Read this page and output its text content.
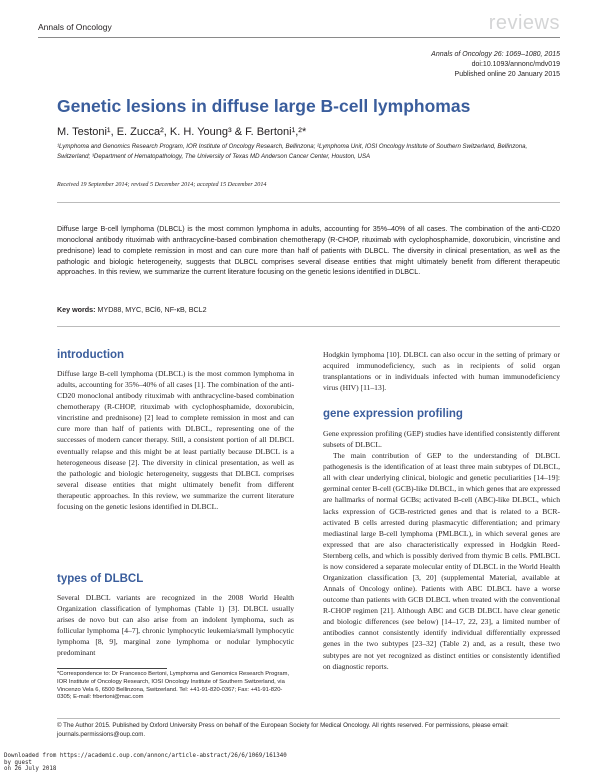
Annals of Oncology	reviews
Annals of Oncology 26: 1069–1080, 2015
doi:10.1093/annonc/mdv019
Published online 20 January 2015
Genetic lesions in diffuse large B-cell lymphomas
M. Testoni¹, E. Zucca², K. H. Young³ & F. Bertoni¹,²*
¹Lymphoma and Genomics Research Program, IOR Institute of Oncology Research, Bellinzona; ²Lymphoma Unit, IOSI Oncology Institute of Southern Switzerland, Bellinzona, Switzerland; ³Department of Hematopathology, The University of Texas MD Anderson Cancer Center, Houston, USA
Received 19 September 2014; revised 5 December 2014; accepted 15 December 2014
Diffuse large B-cell lymphoma (DLBCL) is the most common lymphoma in adults, accounting for 35%–40% of all cases. The combination of the anti-CD20 monoclonal antibody rituximab with anthracycline-based combination chemotherapy (R-CHOP, rituximab with cyclophosphamide, doxorubicin, vincristine and prednisone) lead to complete remission in most and can cure more than half of patients with DLBCL. The diversity in clinical presentation, as well as the pathologic and biologic heterogeneity, suggests that DLBCL comprises several disease entities that might ultimately benefit from different therapeutic approaches. In this review, we summarize the current literature focusing on the genetic lesions identified in DLBCL.
Key words: MYD88, MYC, BCl6, NF-κB, BCL2
introduction

Diffuse large B-cell lymphoma (DLBCL) is the most common lymphoma in adults, accounting for 35%–40% of all cases [1]. The combination of the anti-CD20 monoclonal antibody rituximab with anthracycline-based combination chemotherapy (R-CHOP, rituximab with cyclophosphamide, doxorubicin, vincristine and prednisone) [2] lead to complete remission in most and can cure more than half of patients with DLBCL, representing one of the successes of modern cancer therapy. Still, a consistent portion of all DLBCL eventually relapse and this might be at least partially because DLBCL is a heterogeneous disease [2]. The diversity in clinical presentation, as well as the pathologic and biologic heterogeneity, suggests that DLBCL comprises several disease entities that might ultimately benefit from different therapeutic approaches. In this review, we summarize the current literature focusing on the genetic lesions identified in DLBCL.

types of DLBCL

Several DLBCL variants are recognized in the 2008 World Health Organization classification of lymphomas (Table 1) [3]. DLBCL usually arises de novo but can also arise from an indolent lymphoma, such as follicular lymphoma [4–7], chronic lymphocytic leukemia/small lymphocytic lymphoma [8, 9], marginal zone lymphoma or nodular lymphocytic predominant

*Correspondence to: Dr Francesco Bertoni, Lymphoma and Genomics Research Program, IOR Institute of Oncology Research, IOSI Oncology Institute of Southern Switzerland, via Vincenzo Vela 6, 6500 Bellinzona, Switzerland. Tel: +41-91-820-0367; Fax: +41-91-820-0305; E-mail: frbertoni@mac.com

Hodgkin lymphoma [10]. DLBCL can also occur in the setting of primary or acquired immunodeficiency, such as in recipients of solid organ transplantations or in individuals infected with human immunodeficiency virus (HIV) [11–13].

gene expression profiling

Gene expression profiling (GEP) studies have identified consistently different subsets of DLBCL.

The main contribution of GEP to the understanding of DLBCL pathogenesis is the identification of at least three main subtypes of DLBCL, all with clear underlying clinical, biologic and genetic peculiarities [14–19]: germinal center B-cell (GCB)-like DLBCL, in which genes that are expressed are hallmarks of normal GCBs; activated B-cell (ABC)-like DLBCL, which lacks expression of GCB-restricted genes and that is related to a BCR-activated B cells arrested during plasmacytic differentiation; and primary mediastinal large B-cell lymphoma (PMLBCL), in which several genes are expressed that are also characteristically expressed in Hodgkin Reed-Sternberg cells, and which is possibly derived from thymic B cells. PMLBCL is now considered a separate molecular entity of DLBCL in the World Health Organization classification [3, 20] (supplemental Material, available at Annals of Oncology online). Patients with ABC DLBCL have a worse outcome than patients with GCB DLBCL when treated with the conventional R-CHOP regimen [21]. Although ABC and GCB DLBCL have clear genetic and biologic differences (see below) [14–17, 22, 23], a limited number of antibodies cannot consistently identify individual differentially expressed genes in the two subtypes [23–32] (Table 2) and, as a result, these two subtypes are not yet recognized as distinct entities or consistently identified on diagnostic reports.

© The Author 2015. Published by Oxford University Press on behalf of the European Society for Medical Oncology. All rights reserved. For permissions, please email: journals.permissions@oup.com.
Downloaded from https://academic.oup.com/annonc/article-abstract/26/6/1069/161340
by guest
on 26 July 2018
